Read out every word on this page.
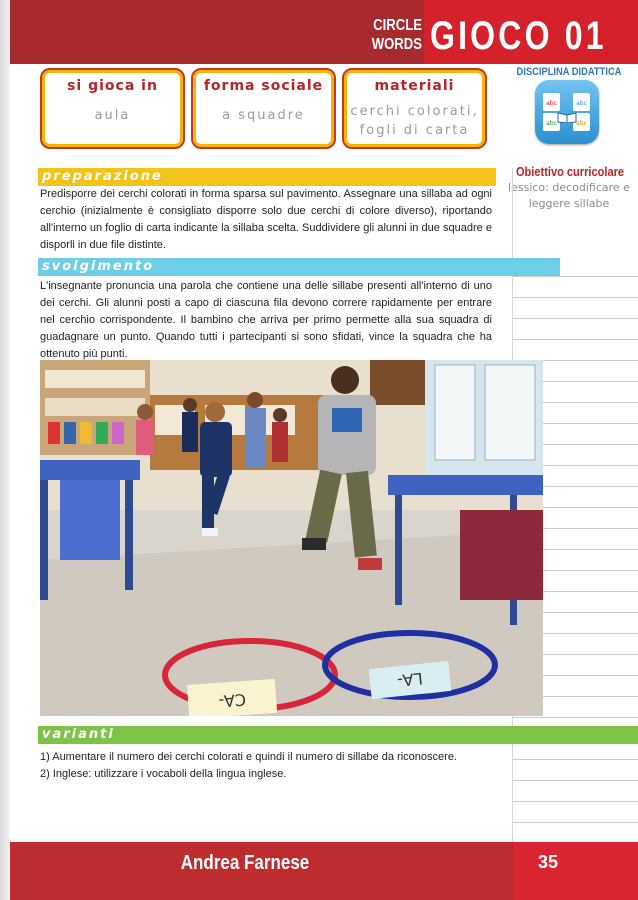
CIRCLE
WORDS GIOCO 01
si gioca in
aula
forma sociale
a squadre
materiali
cerchi colorati,
fogli di carta
DISCIPLINA DIDATTICA
abc	abc
abc	abc
Obiettivo curricolare
lessico: decodificare e
leggere sillabe
preparazione
Predisporre dei cerchi colorati in forma sparsa sul pavimento. Assegnare una sillaba ad ogni cerchio (inizialmente è consigliato disporre solo due cerchi di colore diverso), riportando all'interno un foglio di carta indicante la sillaba scelta. Suddividere gli alunni in due squadre e disporli in due file distinte.
svolgimento
L'insegnante pronuncia una parola che contiene una delle sillabe presenti all'interno di uno dei cerchi. Gli alunni posti a capo di ciascuna fila devono correre rapidamente per entrare nel cerchio corrispondente. Il bambino che arriva per primo permette alla sua squadra di guadagnare un punto. Quando tutti i partecipanti si sono sfidati, vince la squadra che ha ottenuto più punti.
CA-
LA-
varianti
1) Aumentare il numero dei cerchi colorati e quindi il numero di sillabe da riconoscere.
2) Inglese: utilizzare i vocaboli della lingua inglese.
Andrea Farnese	35
